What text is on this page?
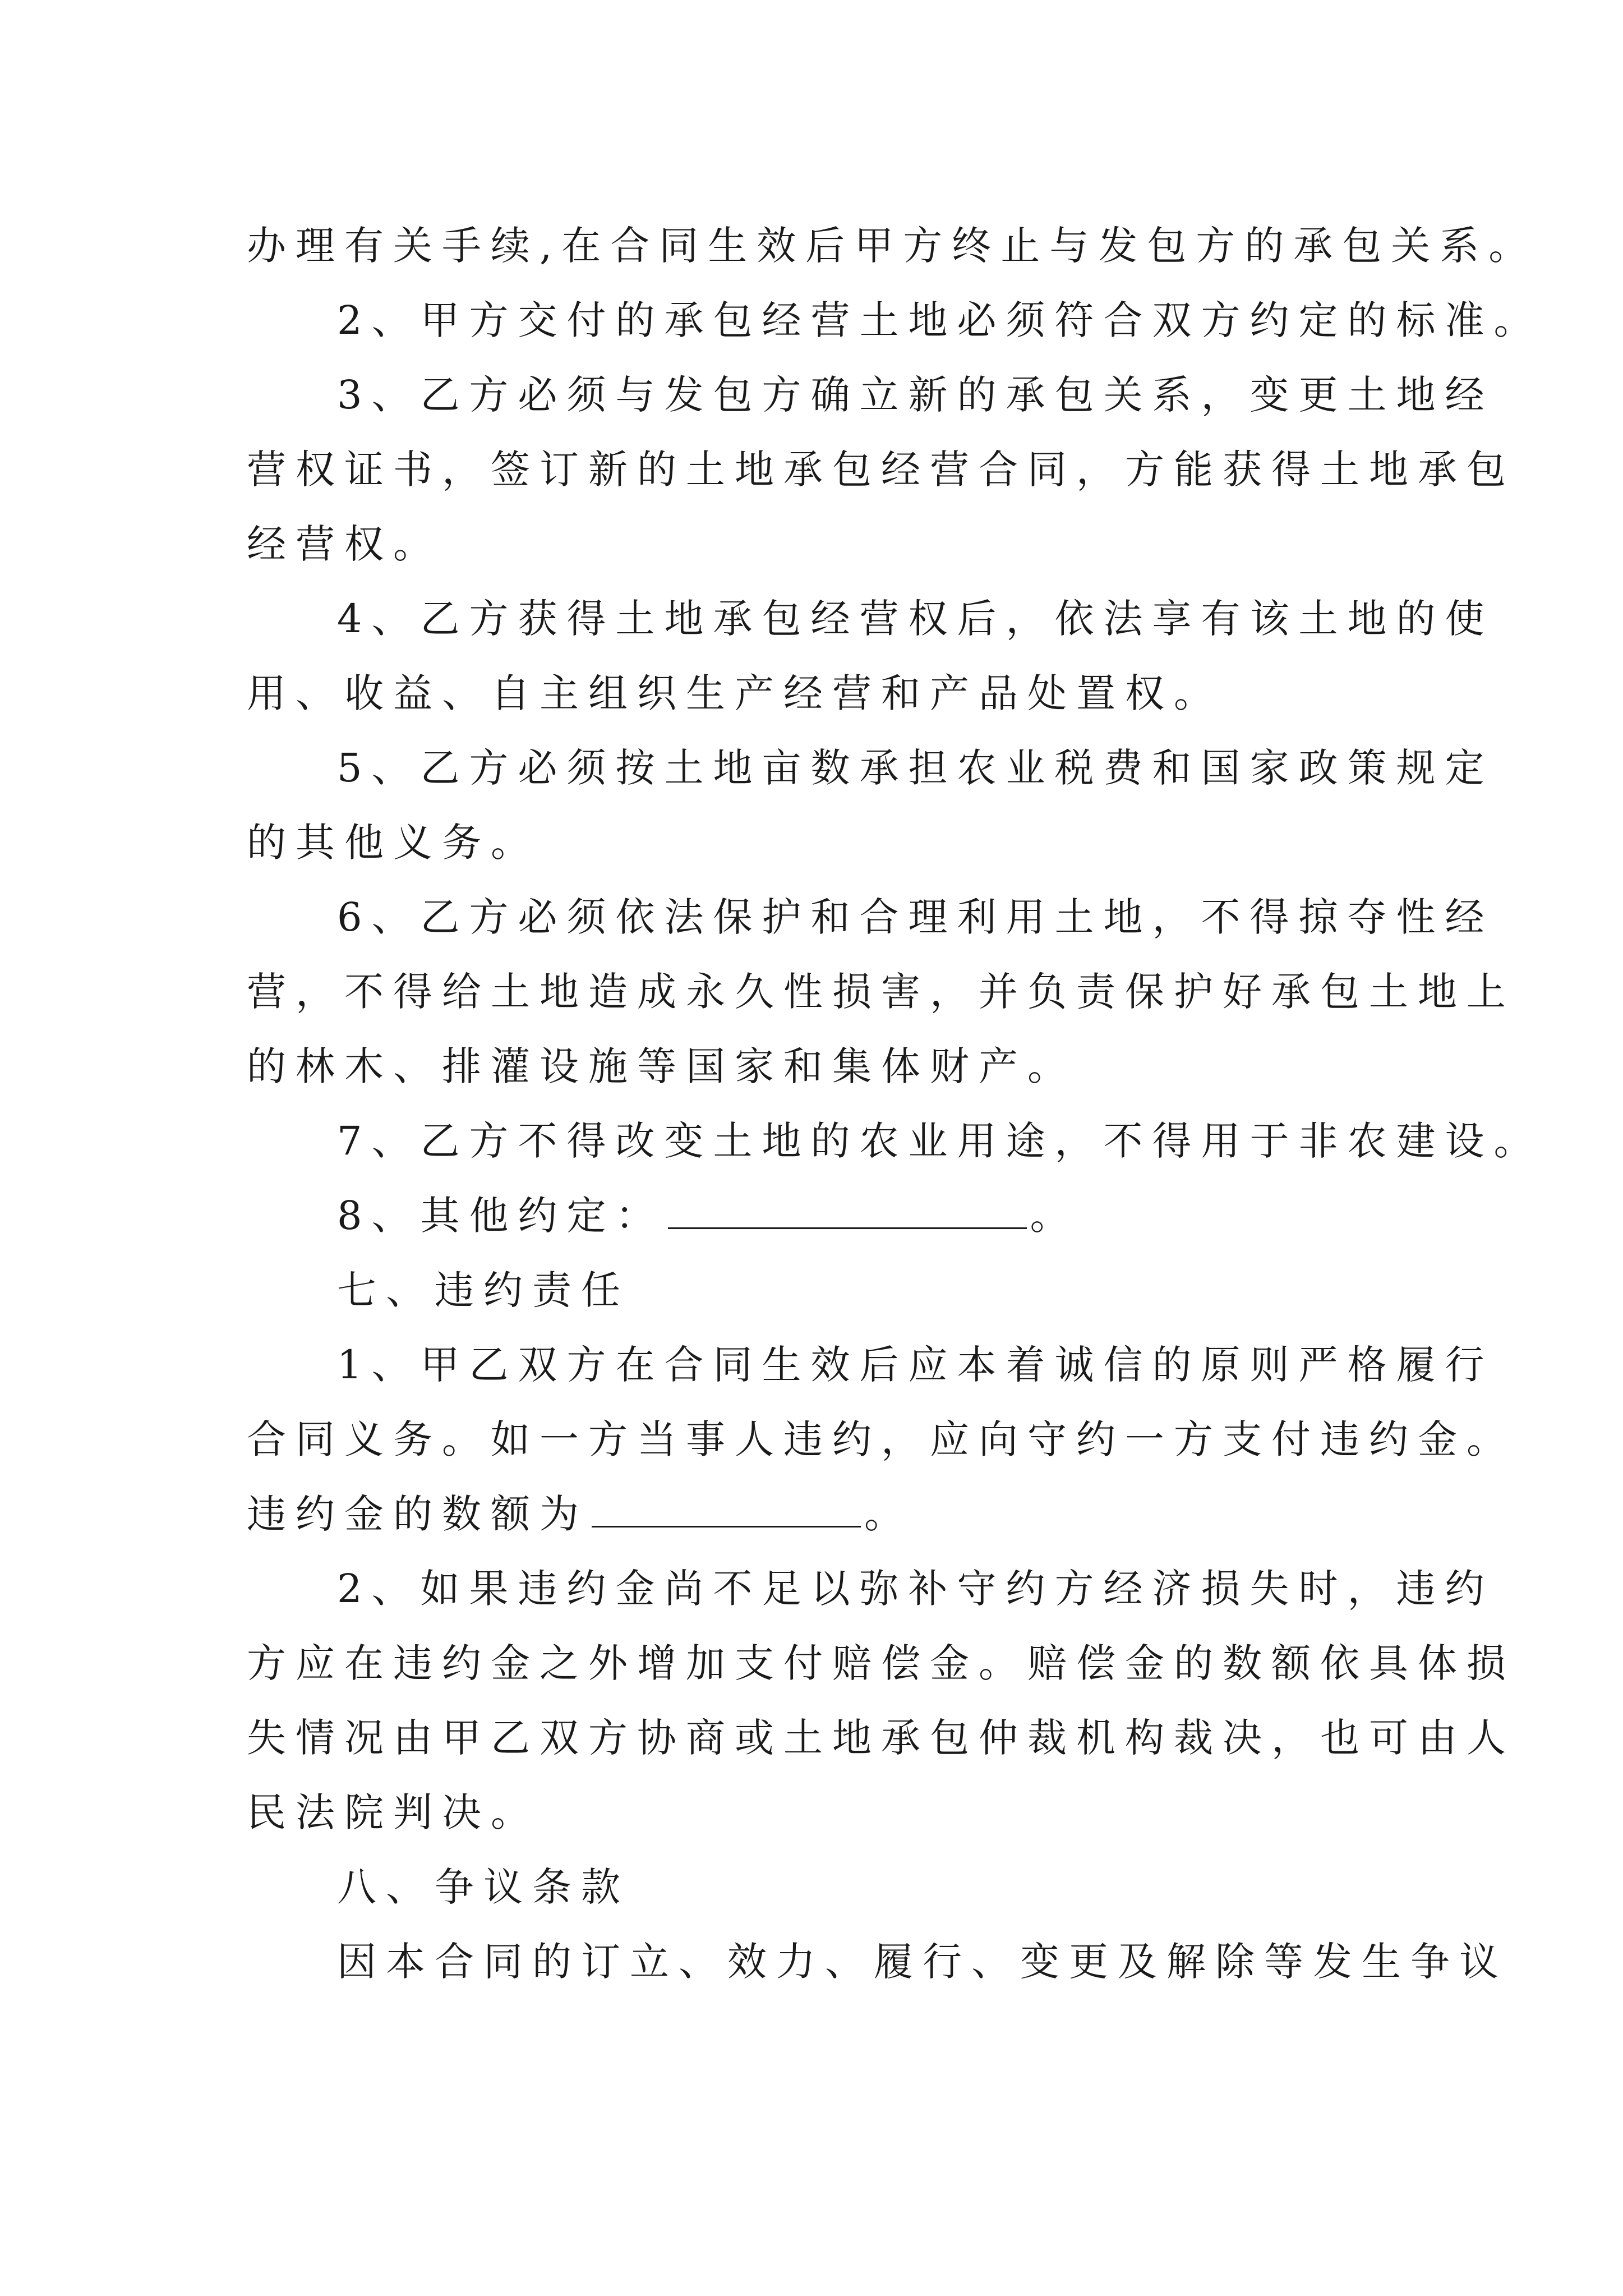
办理有关手续,在合同生效后甲方终止与发包方的承包关系。
2、甲方交付的承包经营土地必须符合双方约定的标准。
3、乙方必须与发包方确立新的承包关系，变更土地经
营权证书，签订新的土地承包经营合同，方能获得土地承包
经营权。
4、乙方获得土地承包经营权后，依法享有该土地的使
用、收益、自主组织生产经营和产品处置权。
5、乙方必须按土地亩数承担农业税费和国家政策规定
的其他义务。
6、乙方必须依法保护和合理利用土地，不得掠夺性经
营，不得给土地造成永久性损害，并负责保护好承包土地上
的林木、排灌设施等国家和集体财产。
7、乙方不得改变土地的农业用途，不得用于非农建设。
8、其他约定：	。
七、违约责任
1、甲乙双方在合同生效后应本着诚信的原则严格履行
合同义务。如一方当事人违约，应向守约一方支付违约金。
违约金的数额为	。
2、如果违约金尚不足以弥补守约方经济损失时，违约
方应在违约金之外增加支付赔偿金。赔偿金的数额依具体损
失情况由甲乙双方协商或土地承包仲裁机构裁决，也可由人
民法院判决。
八、争议条款
因本合同的订立、效力、履行、变更及解除等发生争议
